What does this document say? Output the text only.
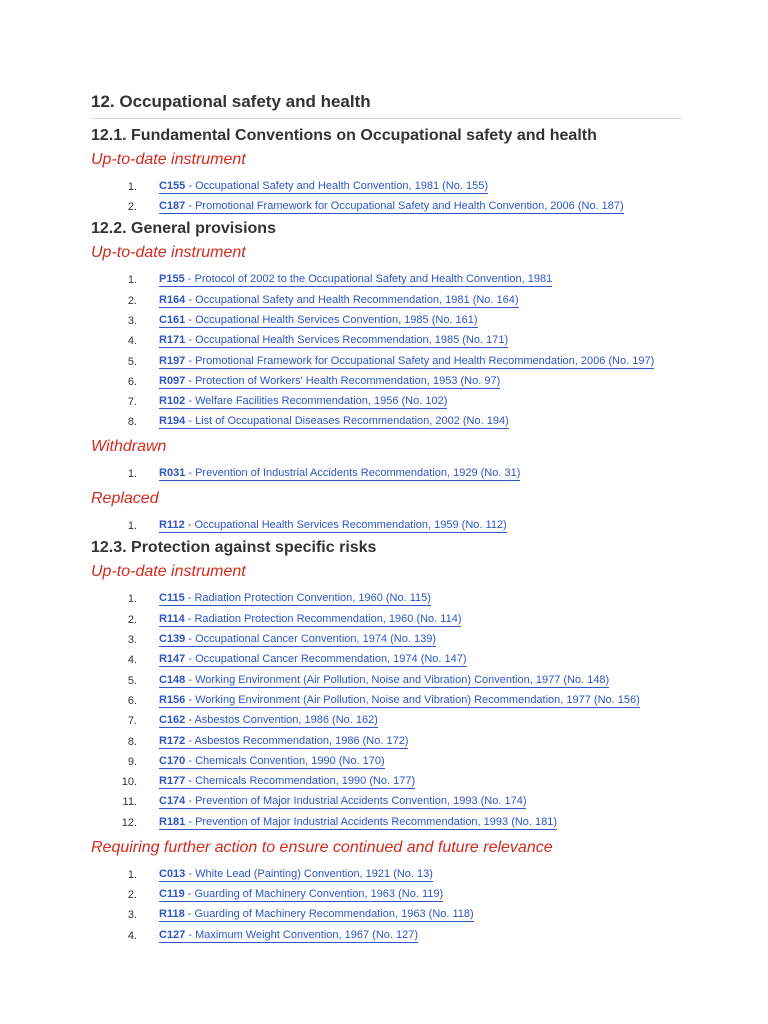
12. Occupational safety and health
12.1. Fundamental Conventions on Occupational safety and health
Up-to-date instrument
1. C155 - Occupational Safety and Health Convention, 1981 (No. 155)
2. C187 - Promotional Framework for Occupational Safety and Health Convention, 2006 (No. 187)
12.2. General provisions
Up-to-date instrument
1. P155 - Protocol of 2002 to the Occupational Safety and Health Convention, 1981
2. R164 - Occupational Safety and Health Recommendation, 1981 (No. 164)
3. C161 - Occupational Health Services Convention, 1985 (No. 161)
4. R171 - Occupational Health Services Recommendation, 1985 (No. 171)
5. R197 - Promotional Framework for Occupational Safety and Health Recommendation, 2006 (No. 197)
6. R097 - Protection of Workers' Health Recommendation, 1953 (No. 97)
7. R102 - Welfare Facilities Recommendation, 1956 (No. 102)
8. R194 - List of Occupational Diseases Recommendation, 2002 (No. 194)
Withdrawn
1. R031 - Prevention of Industrial Accidents Recommendation, 1929 (No. 31)
Replaced
1. R112 - Occupational Health Services Recommendation, 1959 (No. 112)
12.3. Protection against specific risks
Up-to-date instrument
1. C115 - Radiation Protection Convention, 1960 (No. 115)
2. R114 - Radiation Protection Recommendation, 1960 (No. 114)
3. C139 - Occupational Cancer Convention, 1974 (No. 139)
4. R147 - Occupational Cancer Recommendation, 1974 (No. 147)
5. C148 - Working Environment (Air Pollution, Noise and Vibration) Convention, 1977 (No. 148)
6. R156 - Working Environment (Air Pollution, Noise and Vibration) Recommendation, 1977 (No. 156)
7. C162 - Asbestos Convention, 1986 (No. 162)
8. R172 - Asbestos Recommendation, 1986 (No. 172)
9. C170 - Chemicals Convention, 1990 (No. 170)
10. R177 - Chemicals Recommendation, 1990 (No. 177)
11. C174 - Prevention of Major Industrial Accidents Convention, 1993 (No. 174)
12. R181 - Prevention of Major Industrial Accidents Recommendation, 1993 (No. 181)
Requiring further action to ensure continued and future relevance
1. C013 - White Lead (Painting) Convention, 1921 (No. 13)
2. C119 - Guarding of Machinery Convention, 1963 (No. 119)
3. R118 - Guarding of Machinery Recommendation, 1963 (No. 118)
4. C127 - Maximum Weight Convention, 1967 (No. 127)
